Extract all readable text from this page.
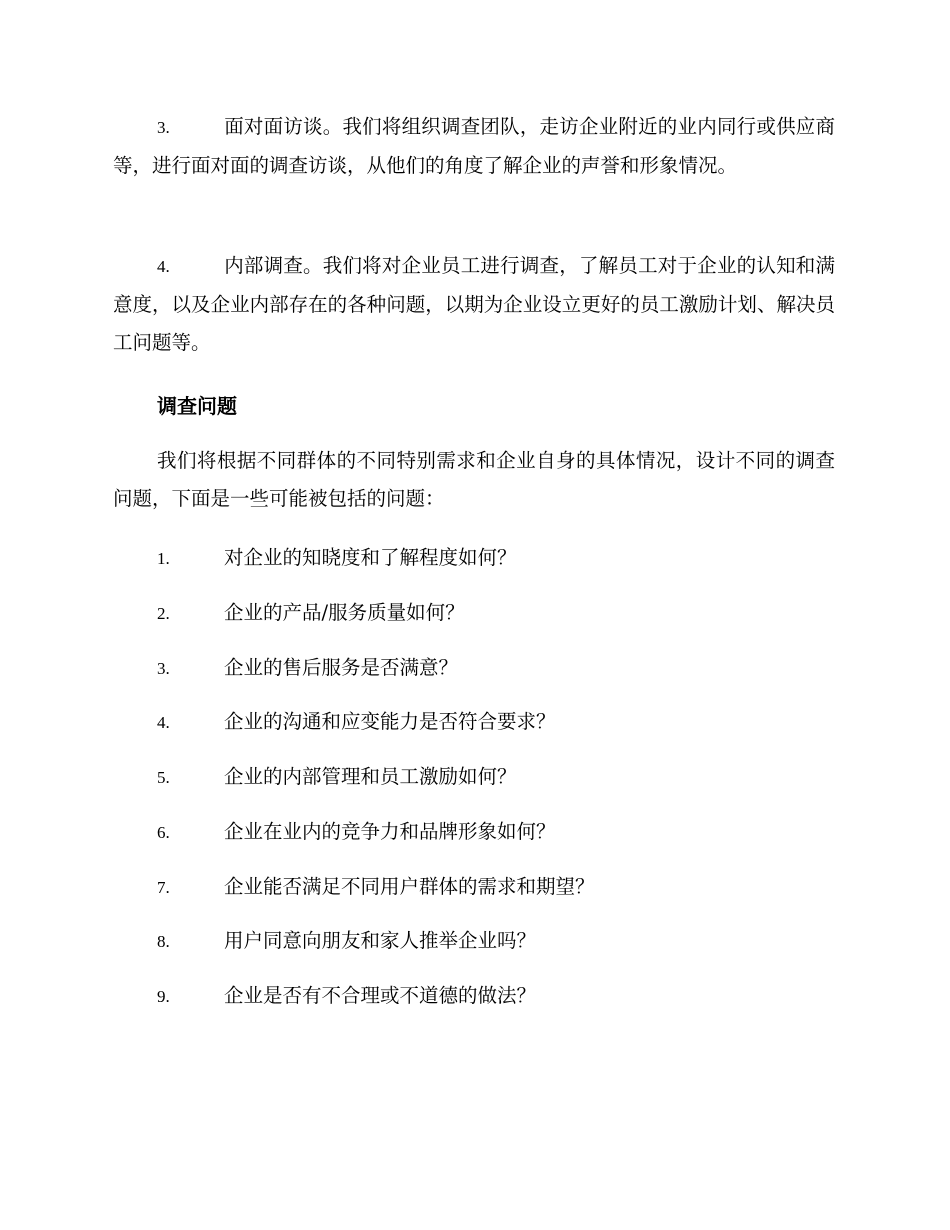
3.	面对面访谈。我们将组织调查团队，走访企业附近的业内同行或供应商等，进行面对面的调查访谈，从他们的角度了解企业的声誉和形象情况。
4.	内部调查。我们将对企业员工进行调查，了解员工对于企业的认知和满意度，以及企业内部存在的各种问题，以期为企业设立更好的员工激励计划、解决员工问题等。
调查问题
我们将根据不同群体的不同特别需求和企业自身的具体情况，设计不同的调查问题，下面是一些可能被包括的问题：
1.	对企业的知晓度和了解程度如何？
2.	企业的产品/服务质量如何？
3.	企业的售后服务是否满意？
4.	企业的沟通和应变能力是否符合要求？
5.	企业的内部管理和员工激励如何？
6.	企业在业内的竞争力和品牌形象如何？
7.	企业能否满足不同用户群体的需求和期望？
8.	用户同意向朋友和家人推举企业吗？
9.	企业是否有不合理或不道德的做法？
